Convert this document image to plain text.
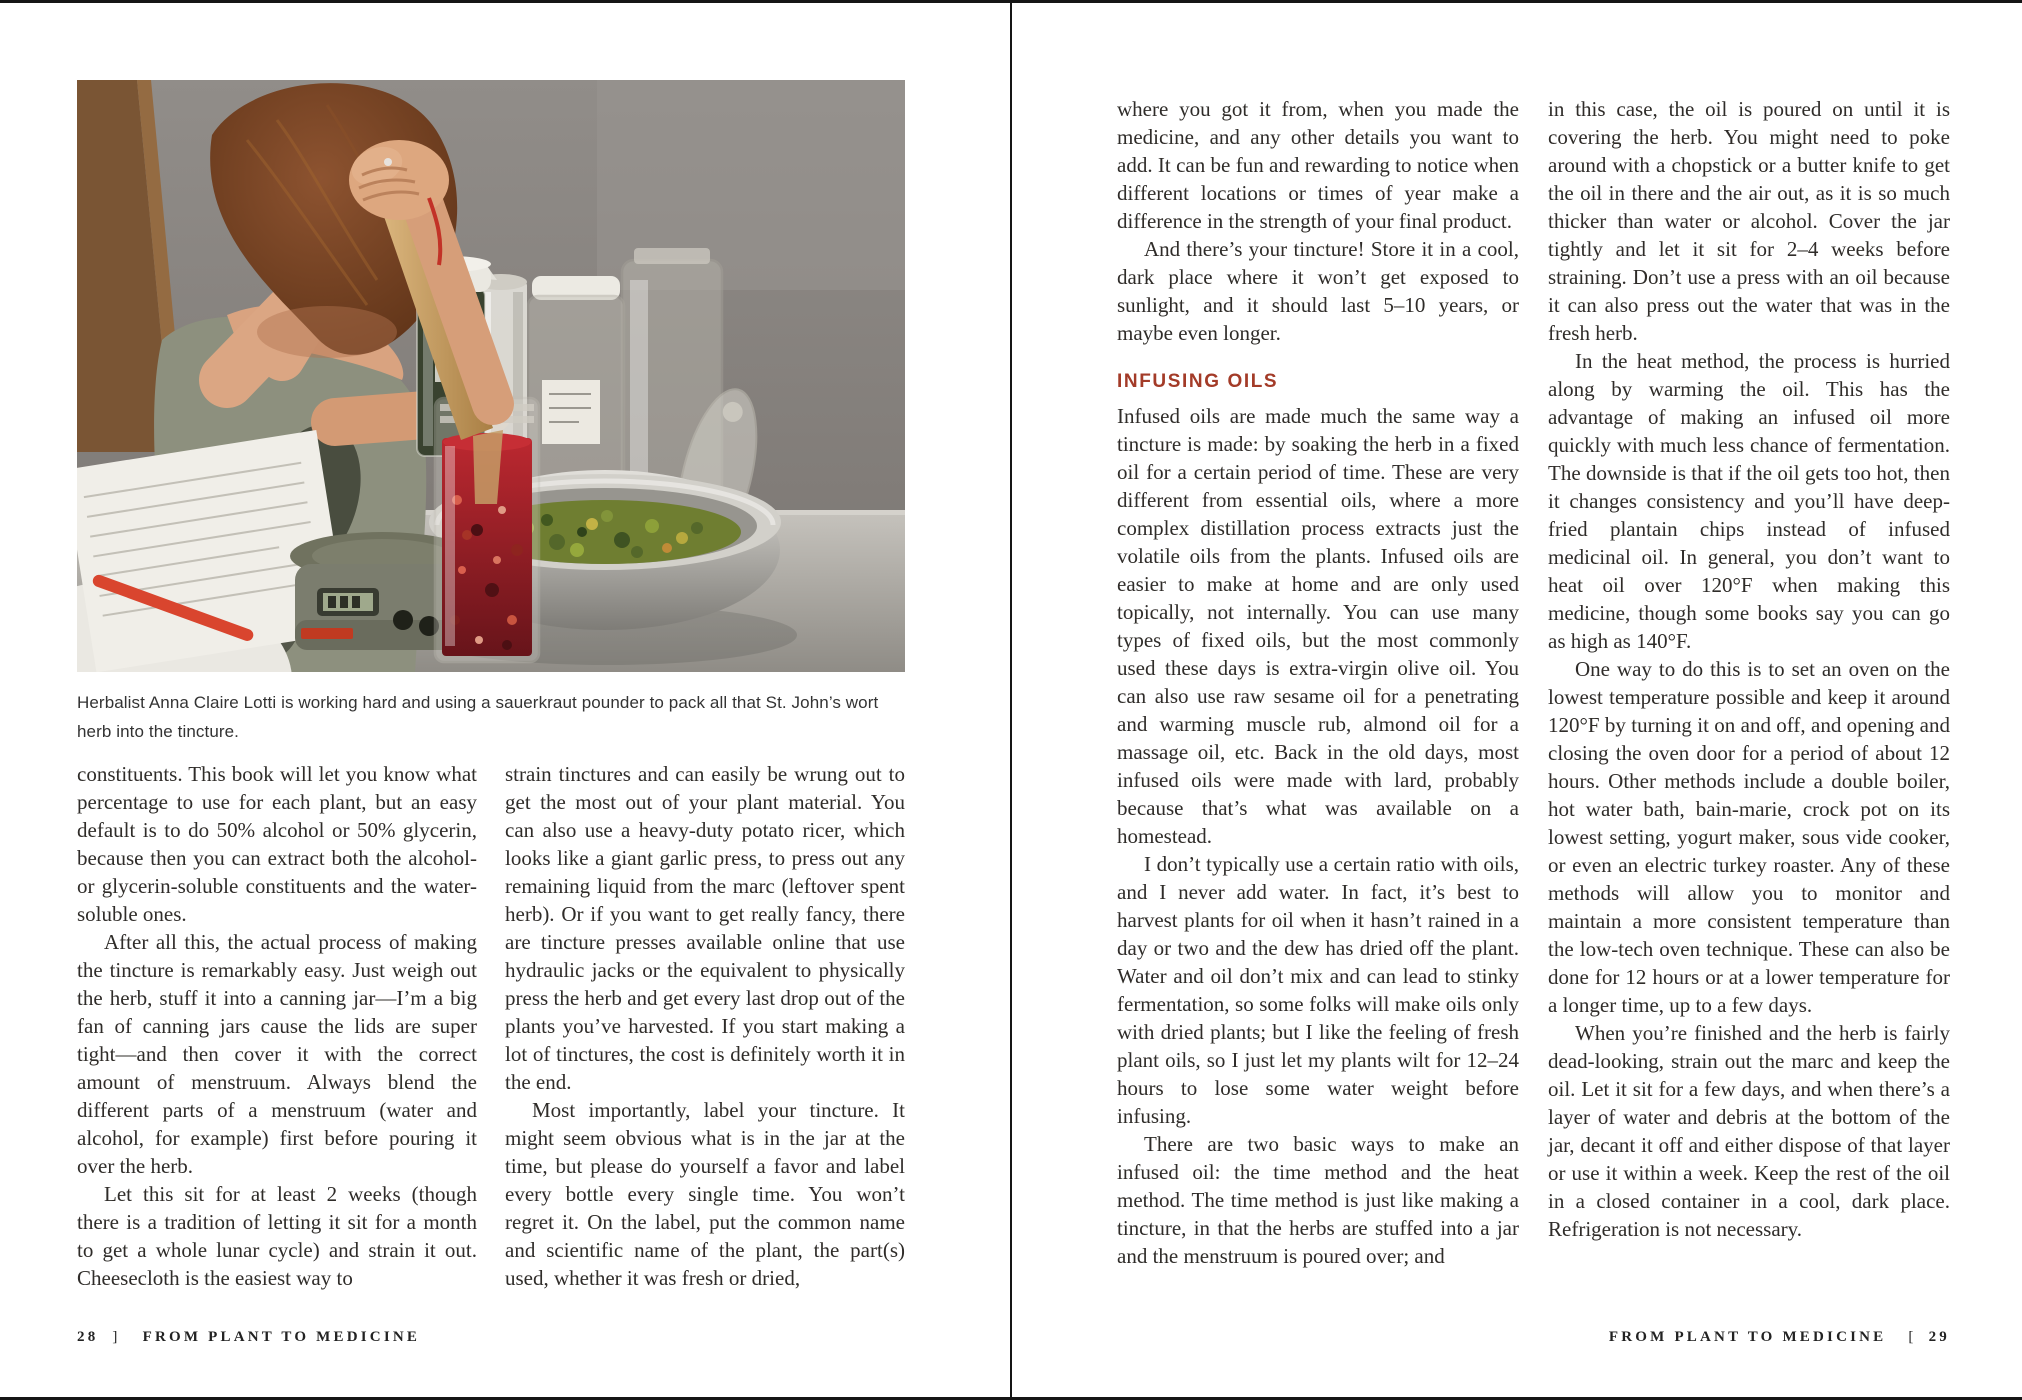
Herbalist Anna Claire Lotti is working hard and using a sauerkraut pounder to pack all that St. John’s wort herb into the tincture.

constituents. This book will let you know what percentage to use for each plant, but an easy default is to do 50% alcohol or 50% glycerin, because then you can extract both the alcohol- or glycerin-soluble constituents and the water-soluble ones.

After all this, the actual process of making the tincture is remarkably easy. Just weigh out the herb, stuff it into a canning jar—I’m a big fan of canning jars cause the lids are super tight—and then cover it with the correct amount of menstruum. Always blend the different parts of a menstruum (water and alcohol, for example) first before pouring it over the herb.

Let this sit for at least 2 weeks (though there is a tradition of letting it sit for a month to get a whole lunar cycle) and strain it out. Cheesecloth is the easiest way to

strain tinctures and can easily be wrung out to get the most out of your plant material. You can also use a heavy-duty potato ricer, which looks like a giant garlic press, to press out any remaining liquid from the marc (leftover spent herb). Or if you want to get really fancy, there are tincture presses available online that use hydraulic jacks or the equivalent to physically press the herb and get every last drop out of the plants you’ve harvested. If you start making a lot of tinctures, the cost is definitely worth it in the end.

Most importantly, label your tincture. It might seem obvious what is in the jar at the time, but please do yourself a favor and label every bottle every single time. You won’t regret it. On the label, put the common name and scientific name of the plant, the part(s) used, whether it was fresh or dried,

28 ] FROM PLANT TO MEDICINE

where you got it from, when you made the medicine, and any other details you want to add. It can be fun and rewarding to notice when different locations or times of year make a difference in the strength of your final product.

And there’s your tincture! Store it in a cool, dark place where it won’t get exposed to sunlight, and it should last 5–10 years, or maybe even longer.

INFUSING OILS

Infused oils are made much the same way a tincture is made: by soaking the herb in a fixed oil for a certain period of time. These are very different from essential oils, where a more complex distillation process extracts just the volatile oils from the plants. Infused oils are easier to make at home and are only used topically, not internally. You can use many types of fixed oils, but the most commonly used these days is extra-virgin olive oil. You can also use raw sesame oil for a penetrating and warming muscle rub, almond oil for a massage oil, etc. Back in the old days, most infused oils were made with lard, probably because that’s what was available on a homestead.

I don’t typically use a certain ratio with oils, and I never add water. In fact, it’s best to harvest plants for oil when it hasn’t rained in a day or two and the dew has dried off the plant. Water and oil don’t mix and can lead to stinky fermentation, so some folks will make oils only with dried plants; but I like the feeling of fresh plant oils, so I just let my plants wilt for 12–24 hours to lose some water weight before infusing.

There are two basic ways to make an infused oil: the time method and the heat method. The time method is just like making a tincture, in that the herbs are stuffed into a jar and the menstruum is poured over; and

in this case, the oil is poured on until it is covering the herb. You might need to poke around with a chopstick or a butter knife to get the oil in there and the air out, as it is so much thicker than water or alcohol. Cover the jar tightly and let it sit for 2–4 weeks before straining. Don’t use a press with an oil because it can also press out the water that was in the fresh herb.

In the heat method, the process is hurried along by warming the oil. This has the advantage of making an infused oil more quickly with much less chance of fermentation. The downside is that if the oil gets too hot, then it changes consistency and you’ll have deep-fried plantain chips instead of infused medicinal oil. In general, you don’t want to heat oil over 120°F when making this medicine, though some books say you can go as high as 140°F.

One way to do this is to set an oven on the lowest temperature possible and keep it around 120°F by turning it on and off, and opening and closing the oven door for a period of about 12 hours. Other methods include a double boiler, hot water bath, bain-marie, crock pot on its lowest setting, yogurt maker, sous vide cooker, or even an electric turkey roaster. Any of these methods will allow you to monitor and maintain a more consistent temperature than the low-tech oven technique. These can also be done for 12 hours or at a lower temperature for a longer time, up to a few days.

When you’re finished and the herb is fairly dead-looking, strain out the marc and keep the oil. Let it sit for a few days, and when there’s a layer of water and debris at the bottom of the jar, decant it off and either dispose of that layer or use it within a week. Keep the rest of the oil in a closed container in a cool, dark place. Refrigeration is not necessary.

FROM PLANT TO MEDICINE [ 29
